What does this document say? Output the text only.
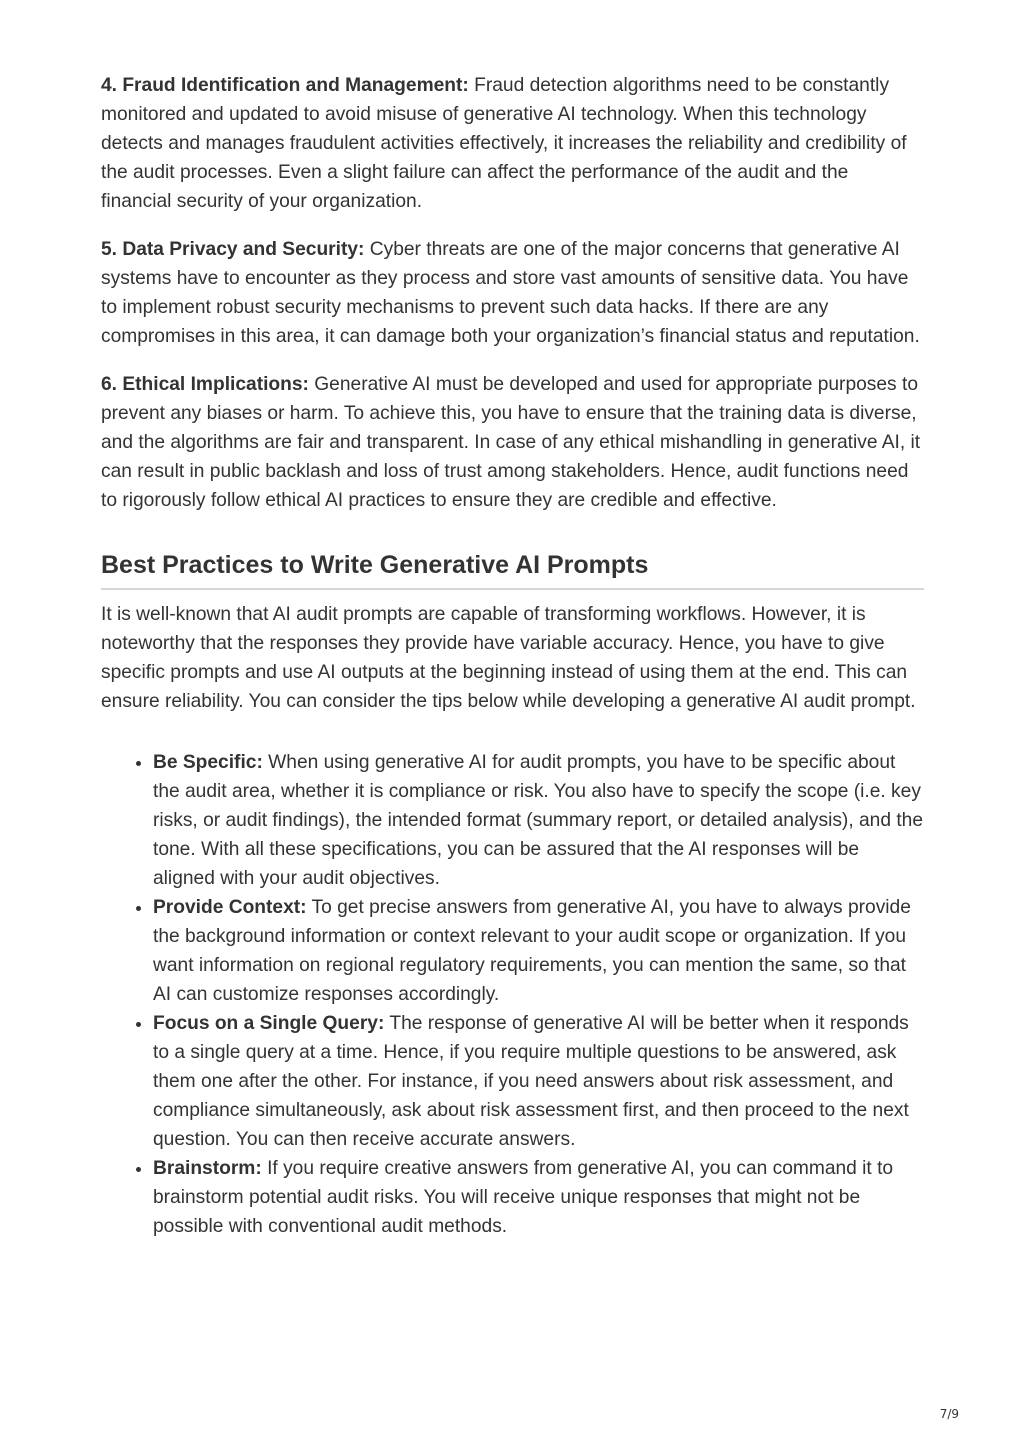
4. Fraud Identification and Management: Fraud detection algorithms need to be constantly monitored and updated to avoid misuse of generative AI technology. When this technology detects and manages fraudulent activities effectively, it increases the reliability and credibility of the audit processes. Even a slight failure can affect the performance of the audit and the financial security of your organization.

5. Data Privacy and Security: Cyber threats are one of the major concerns that generative AI systems have to encounter as they process and store vast amounts of sensitive data. You have to implement robust security mechanisms to prevent such data hacks. If there are any compromises in this area, it can damage both your organization’s financial status and reputation.

6. Ethical Implications: Generative AI must be developed and used for appropriate purposes to prevent any biases or harm. To achieve this, you have to ensure that the training data is diverse, and the algorithms are fair and transparent. In case of any ethical mishandling in generative AI, it can result in public backlash and loss of trust among stakeholders. Hence, audit functions need to rigorously follow ethical AI practices to ensure they are credible and effective.

Best Practices to Write Generative AI Prompts

It is well-known that AI audit prompts are capable of transforming workflows. However, it is noteworthy that the responses they provide have variable accuracy. Hence, you have to give specific prompts and use AI outputs at the beginning instead of using them at the end. This can ensure reliability. You can consider the tips below while developing a generative AI audit prompt.

• Be Specific: When using generative AI for audit prompts, you have to be specific about the audit area, whether it is compliance or risk. You also have to specify the scope (i.e. key risks, or audit findings), the intended format (summary report, or detailed analysis), and the tone. With all these specifications, you can be assured that the AI responses will be aligned with your audit objectives.
• Provide Context: To get precise answers from generative AI, you have to always provide the background information or context relevant to your audit scope or organization. If you want information on regional regulatory requirements, you can mention the same, so that AI can customize responses accordingly.
• Focus on a Single Query: The response of generative AI will be better when it responds to a single query at a time. Hence, if you require multiple questions to be answered, ask them one after the other. For instance, if you need answers about risk assessment, and compliance simultaneously, ask about risk assessment first, and then proceed to the next question. You can then receive accurate answers.
• Brainstorm: If you require creative answers from generative AI, you can command it to brainstorm potential audit risks. You will receive unique responses that might not be possible with conventional audit methods.
7/9
